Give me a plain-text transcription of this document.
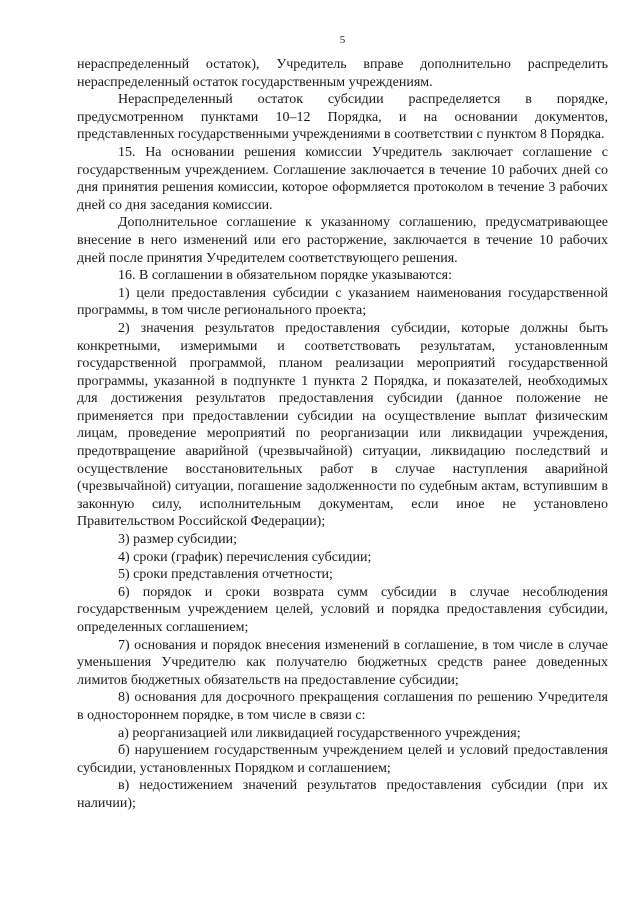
5

нераспределенный остаток), Учредитель вправе дополнительно распределить нераспределенный остаток государственным учреждениям.

Нераспределенный остаток субсидии распределяется в порядке, предусмотренном пунктами 10–12 Порядка, и на основании документов, представленных государственными учреждениями в соответствии с пунктом 8 Порядка.

15. На основании решения комиссии Учредитель заключает соглашение с государственным учреждением. Соглашение заключается в течение 10 рабочих дней со дня принятия решения комиссии, которое оформляется протоколом в течение 3 рабочих дней со дня заседания комиссии.

Дополнительное соглашение к указанному соглашению, предусматривающее внесение в него изменений или его расторжение, заключается в течение 10 рабочих дней после принятия Учредителем соответствующего решения.

16. В соглашении в обязательном порядке указываются:

1) цели предоставления субсидии с указанием наименования государственной программы, в том числе регионального проекта;

2) значения результатов предоставления субсидии, которые должны быть конкретными, измеримыми и соответствовать результатам, установленным государственной программой, планом реализации мероприятий государственной программы, указанной в подпункте 1 пункта 2 Порядка, и показателей, необходимых для достижения результатов предоставления субсидии (данное положение не применяется при предоставлении субсидии на осуществление выплат физическим лицам, проведение мероприятий по реорганизации или ликвидации учреждения, предотвращение аварийной (чрезвычайной) ситуации, ликвидацию последствий и осуществление восстановительных работ в случае наступления аварийной (чрезвычайной) ситуации, погашение задолженности по судебным актам, вступившим в законную силу, исполнительным документам, если иное не установлено Правительством Российской Федерации);

3) размер субсидии;

4) сроки (график) перечисления субсидии;

5) сроки представления отчетности;

6) порядок и сроки возврата сумм субсидии в случае несоблюдения государственным учреждением целей, условий и порядка предоставления субсидии, определенных соглашением;

7) основания и порядок внесения изменений в соглашение, в том числе в случае уменьшения Учредителю как получателю бюджетных средств ранее доведенных лимитов бюджетных обязательств на предоставление субсидии;

8) основания для досрочного прекращения соглашения по решению Учредителя в одностороннем порядке, в том числе в связи с:

а) реорганизацией или ликвидацией государственного учреждения;

б) нарушением государственным учреждением целей и условий предоставления субсидии, установленных Порядком и соглашением;

в) недостижением значений результатов предоставления субсидии (при их наличии);
